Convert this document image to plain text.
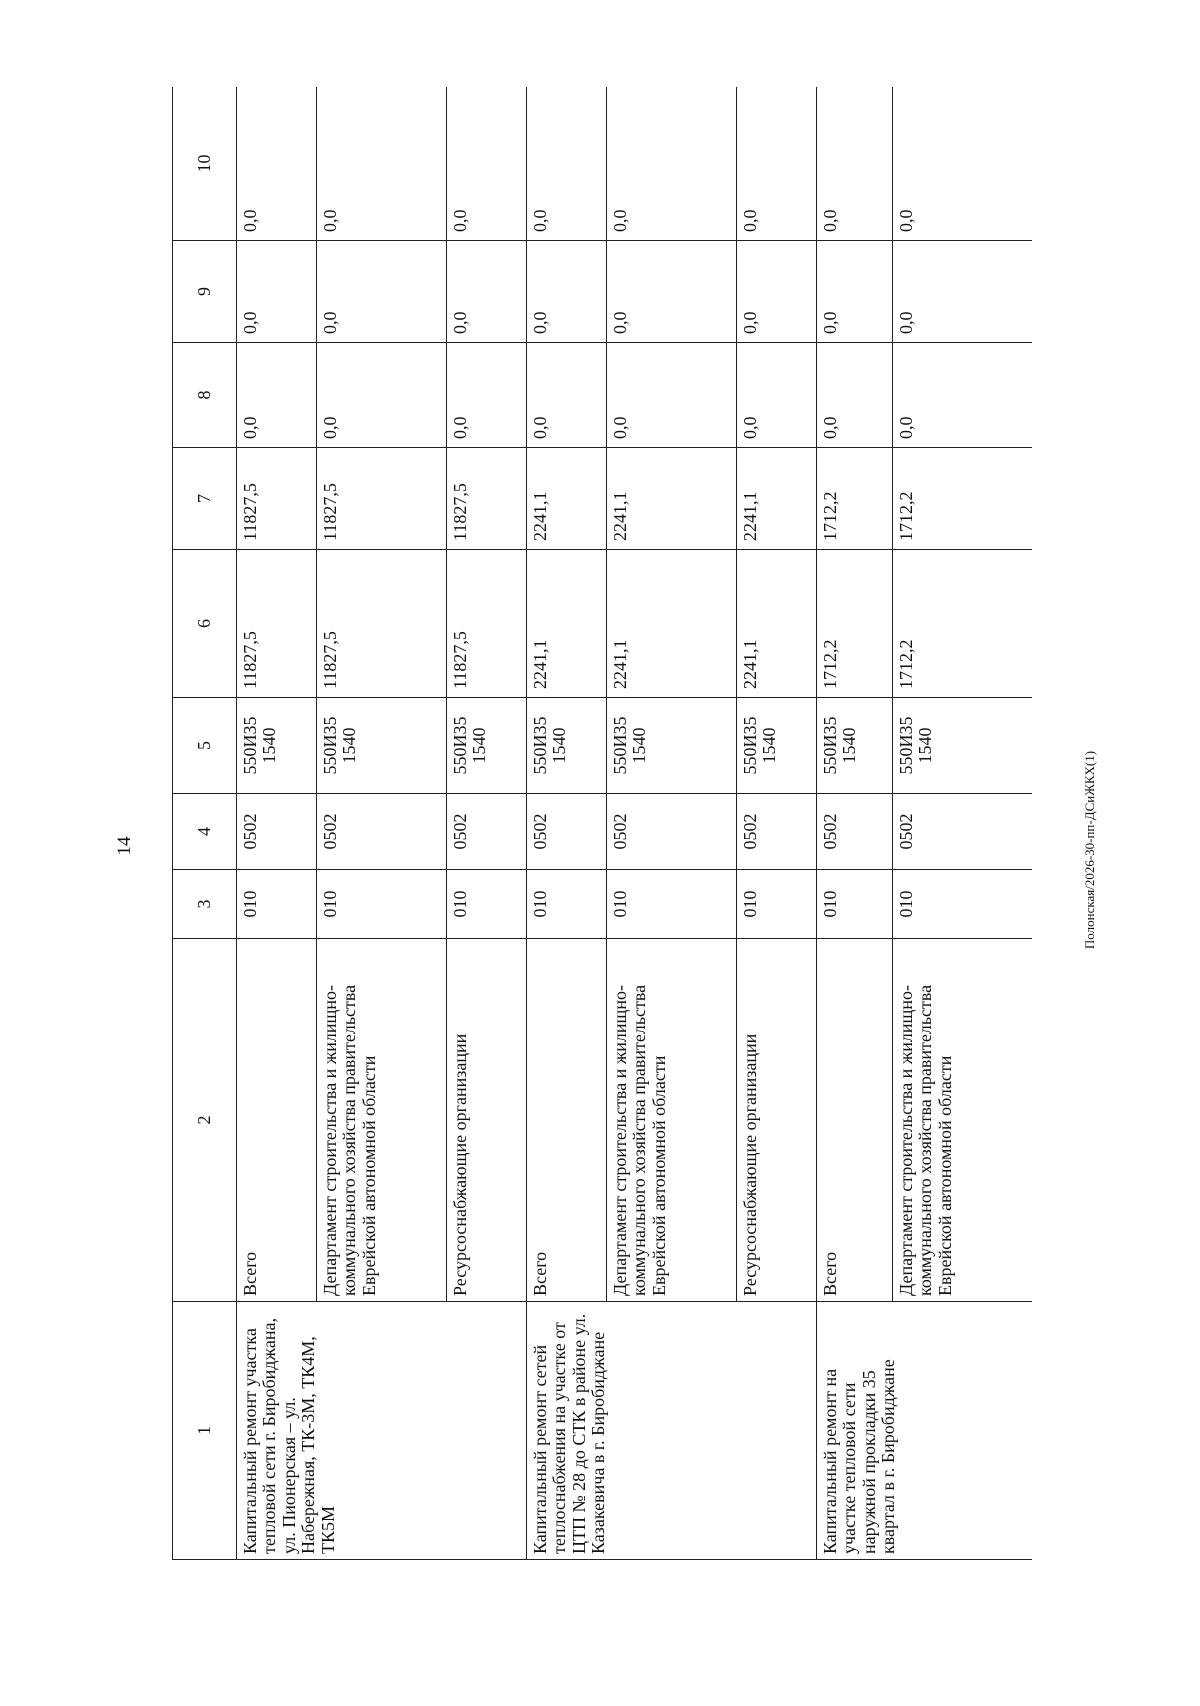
14
1	2	3	4	5	6	7	8	9	10
Капитальный ремонт участка тепловой сети г. Биробиджана, ул. Пионерская – ул. Набережная, ТК-3М, ТК4М, ТК5М	Всего	010	0502	550И35 1540	11827,5	11827,5	0,0	0,0	0,0
	Департамент строительства и жилищно-коммунального хозяйства правительства Еврейской автономной области	010	0502	550И35 1540	11827,5	11827,5	0,0	0,0	0,0
	Ресурсоснабжающие организации	010	0502	550И35 1540	11827,5	11827,5	0,0	0,0	0,0
Капитальный ремонт сетей теплоснабжения на участке от ЦТП № 28 до СТК в районе ул. Казакевича в г. Биробиджане	Всего	010	0502	550И35 1540	2241,1	2241,1	0,0	0,0	0,0
	Департамент строительства и жилищно-коммунального хозяйства правительства Еврейской автономной области	010	0502	550И35 1540	2241,1	2241,1	0,0	0,0	0,0
	Ресурсоснабжающие организации	010	0502	550И35 1540	2241,1	2241,1	0,0	0,0	0,0
Капитальный ремонт на участке тепловой сети наружной прокладки 35 квартал в г. Биробиджане	Всего	010	0502	550И35 1540	1712,2	1712,2	0,0	0,0	0,0
	Департамент строительства и жилищно-коммунального хозяйства правительства Еврейской автономной области	010	0502	550И35 1540	1712,2	1712,2	0,0	0,0	0,0
Полонская/2026-30-пп-ДСиЖКХ(1)
